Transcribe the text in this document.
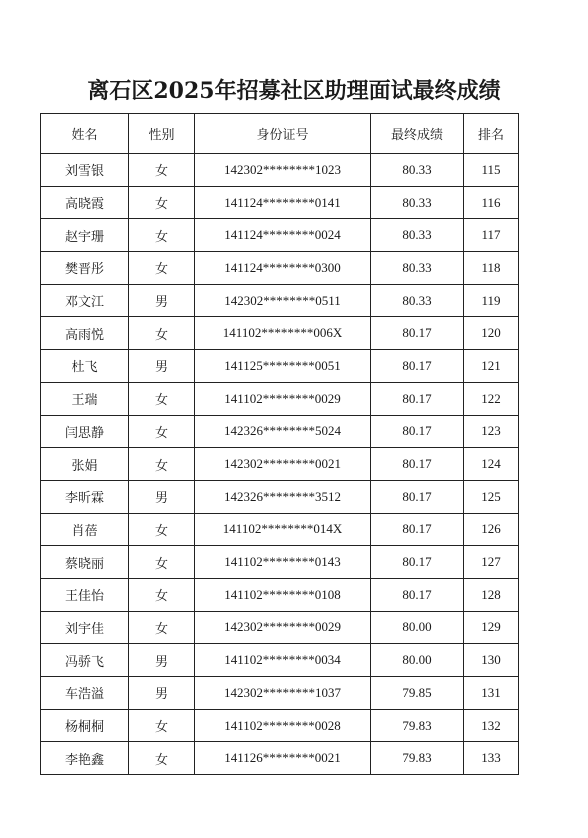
离石区2025年招募社区助理面试最终成绩
姓名	性别	身份证号	最终成绩	排名
刘雪银	女	142302********1023	80.33	115
高晓霞	女	141124********0141	80.33	116
赵宇珊	女	141124********0024	80.33	117
樊晋彤	女	141124********0300	80.33	118
邓文江	男	142302********0511	80.33	119
高雨悦	女	141102********006X	80.17	120
杜飞	男	141125********0051	80.17	121
王瑞	女	141102********0029	80.17	122
闫思静	女	142326********5024	80.17	123
张娟	女	142302********0021	80.17	124
李昕霖	男	142326********3512	80.17	125
肖蓓	女	141102********014X	80.17	126
蔡晓丽	女	141102********0143	80.17	127
王佳怡	女	141102********0108	80.17	128
刘宇佳	女	142302********0029	80.00	129
冯骄飞	男	141102********0034	80.00	130
车浩溢	男	142302********1037	79.85	131
杨桐桐	女	141102********0028	79.83	132
李艳鑫	女	141126********0021	79.83	133
